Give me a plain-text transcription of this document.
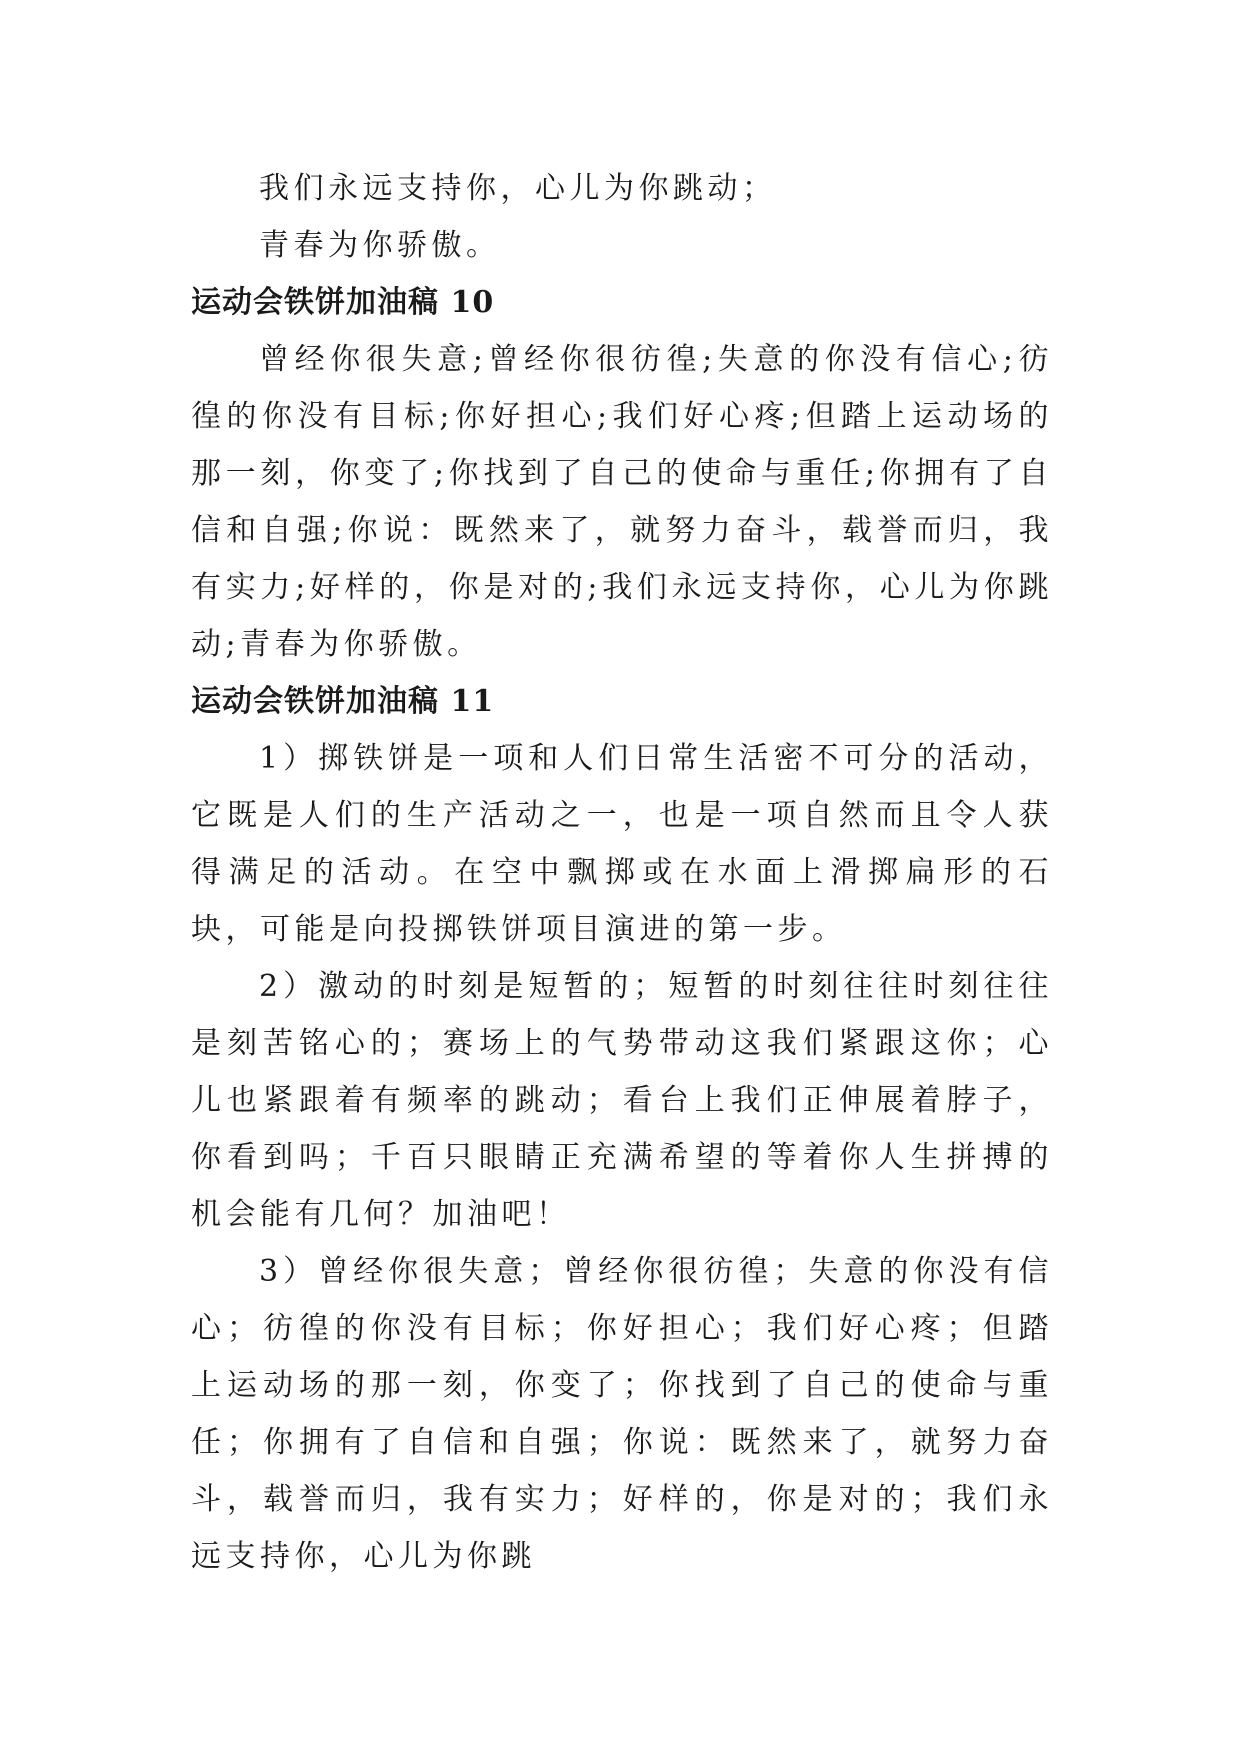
我们永远支持你，心儿为你跳动；
青春为你骄傲。
运动会铁饼加油稿 10

曾经你很失意;曾经你很彷徨;失意的你没有信心;彷徨的你没有目标;你好担心;我们好心疼;但踏上运动场的那一刻，你变了;你找到了自己的使命与重任;你拥有了自信和自强;你说：既然来了，就努力奋斗，载誉而归，我有实力;好样的，你是对的;我们永远支持你，心儿为你跳动;青春为你骄傲。

运动会铁饼加油稿 11

1）掷铁饼是一项和人们日常生活密不可分的活动，它既是人们的生产活动之一，也是一项自然而且令人获得满足的活动。在空中飘掷或在水面上滑掷扁形的石块，可能是向投掷铁饼项目演进的第一步。

2）激动的时刻是短暂的；短暂的时刻往往时刻往往是刻苦铭心的；赛场上的气势带动这我们紧跟这你；心儿也紧跟着有频率的跳动；看台上我们正伸展着脖子，你看到吗；千百只眼睛正充满希望的等着你人生拼搏的机会能有几何？加油吧！

3）曾经你很失意；曾经你很彷徨；失意的你没有信心；彷徨的你没有目标；你好担心；我们好心疼；但踏上运动场的那一刻，你变了；你找到了自己的使命与重任；你拥有了自信和自强；你说：既然来了，就努力奋斗，载誉而归，我有实力；好样的，你是对的；我们永远支持你，心儿为你跳
